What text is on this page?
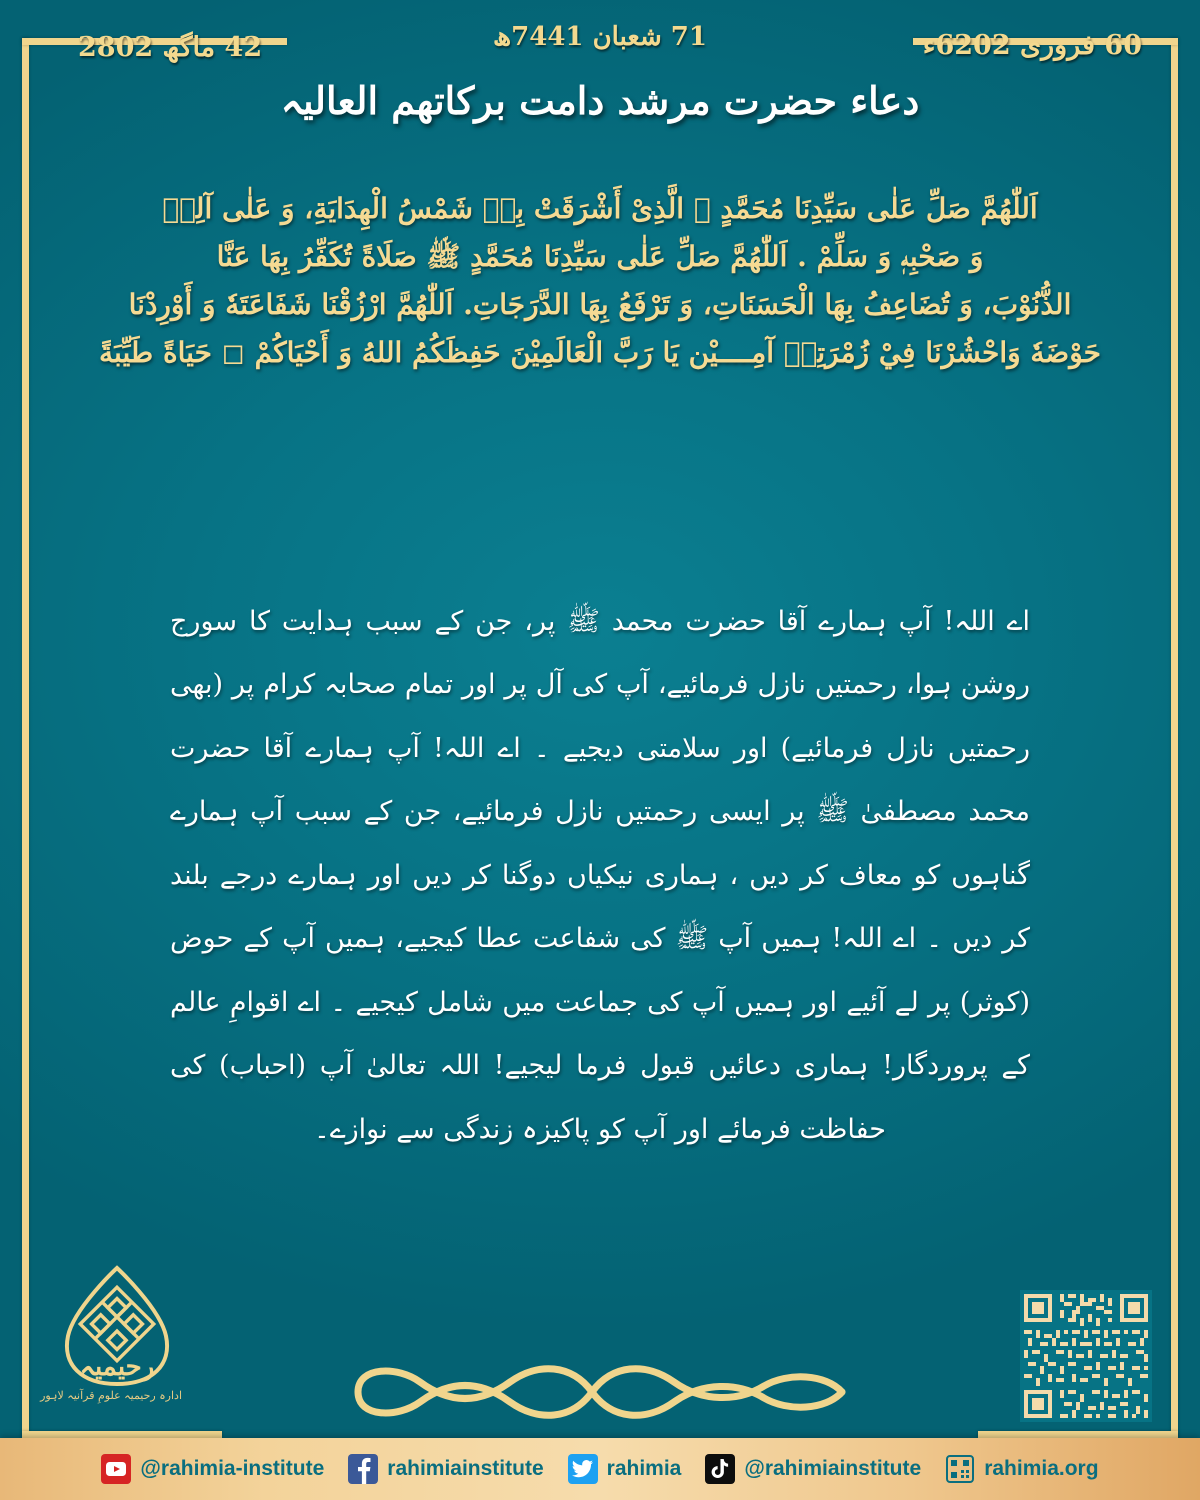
24 ماگھ 2082	17 شعبان 1447ھ	06 فروری 2026ء
دعاء حضرت مرشد دامت برکاتهم العالیہ
اَللّٰهُمَّ صَلِّ عَلٰى سَيِّدِنَا مُحَمَّدٍ ﷺ الَّذِىْ أَشْرَقَتْ بِهٖ شَمْسُ الْهِدَايَةِ، وَ عَلٰى آلِهٖ
وَ صَحْبِهٖ وَ سَلِّمْ . اَللّٰهُمَّ صَلِّ عَلٰى سَيِّدِنَا مُحَمَّدٍ ﷺ صَلَاةً تُكَفِّرُ بِهَا عَنَّا
الذُّنُوْبَ، وَ تُضَاعِفُ بِهَا الْحَسَنَاتِ، وَ تَرْفَعُ بِهَا الدَّرَجَاتِ. اَللّٰهُمَّ ارْزُقْنَا شَفَاعَتَهٗ وَ أَوْرِدْنَا
حَوْضَهٗ وَاحْشُرْنَا فِيْ زُمْرَتِهٖ آمِــــيْن يَا رَبَّ الْعَالَمِيْنَ حَفِظَكُمُ اللهُ وَ أَحْيَاكُمْ ◻ حَيَاةً طَيِّبَةً
اے اللہ! آپ ہمارے آقا حضرت محمد ﷺ پر، جن کے سبب ہدایت کا سورج روشن ہوا، رحمتیں نازل فرمائیے، آپ کی آل پر اور تمام صحابہ کرام پر (بھی رحمتیں نازل فرمائیے) اور سلامتی دیجیے ۔ اے اللہ! آپ ہمارے آقا حضرت محمد مصطفیٰ ﷺ پر ایسی رحمتیں نازل فرمائیے، جن کے سبب آپ ہمارے گناہوں کو معاف کر دیں ، ہماری نیکیاں دوگنا کر دیں اور ہمارے درجے بلند کر دیں ۔ اے اللہ! ہمیں آپ ﷺ کی شفاعت عطا کیجیے، ہمیں آپ کے حوض (کوثر) پر لے آئیے اور ہمیں آپ کی جماعت میں شامل کیجیے ۔ اے اقوامِ عالم کے پروردگار! ہماری دعائیں قبول فرما لیجیے! اللہ تعالیٰ آپ (احباب) کی حفاظت فرمائے اور آپ کو پاکیزہ زندگی سے نوازے۔
رحیمیہ
ادارہ رحیمیہ علومِ قرآنیہ لاہور
@rahimia-institute	rahimiainstitute	rahimia	@rahimiainstitute	rahimia.org
